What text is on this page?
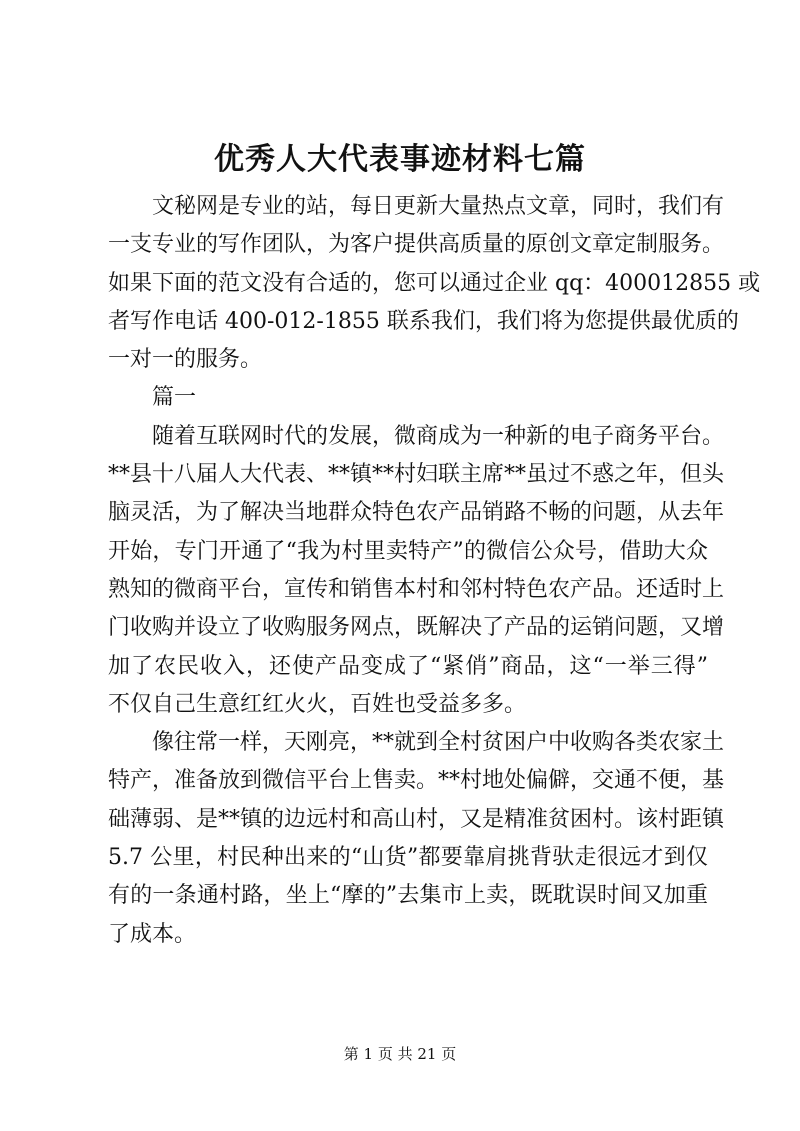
优秀人大代表事迹材料七篇
　　文秘网是专业的站，每日更新大量热点文章，同时，我们有
一支专业的写作团队，为客户提供高质量的原创文章定制服务。
如果下面的范文没有合适的，您可以通过企业 qq：400012855 或
者写作电话 400-012-1855 联系我们，我们将为您提供最优质的
一对一的服务。
　　篇一
　　随着互联网时代的发展，微商成为一种新的电子商务平台。
**县十八届人大代表、**镇**村妇联主席**虽过不惑之年，但头
脑灵活，为了解决当地群众特色农产品销路不畅的问题，从去年
开始，专门开通了“我为村里卖特产”的微信公众号，借助大众
熟知的微商平台，宣传和销售本村和邻村特色农产品。还适时上
门收购并设立了收购服务网点，既解决了产品的运销问题，又增
加了农民收入，还使产品变成了“紧俏”商品，这“一举三得”
不仅自己生意红红火火，百姓也受益多多。
　　像往常一样，天刚亮，**就到全村贫困户中收购各类农家土
特产，准备放到微信平台上售卖。**村地处偏僻，交通不便，基
础薄弱、是**镇的边远村和高山村，又是精准贫困村。该村距镇
5.7 公里，村民种出来的“山货”都要靠肩挑背驮走很远才到仅
有的一条通村路，坐上“摩的”去集市上卖，既耽误时间又加重
了成本。
第 1 页 共 21 页
